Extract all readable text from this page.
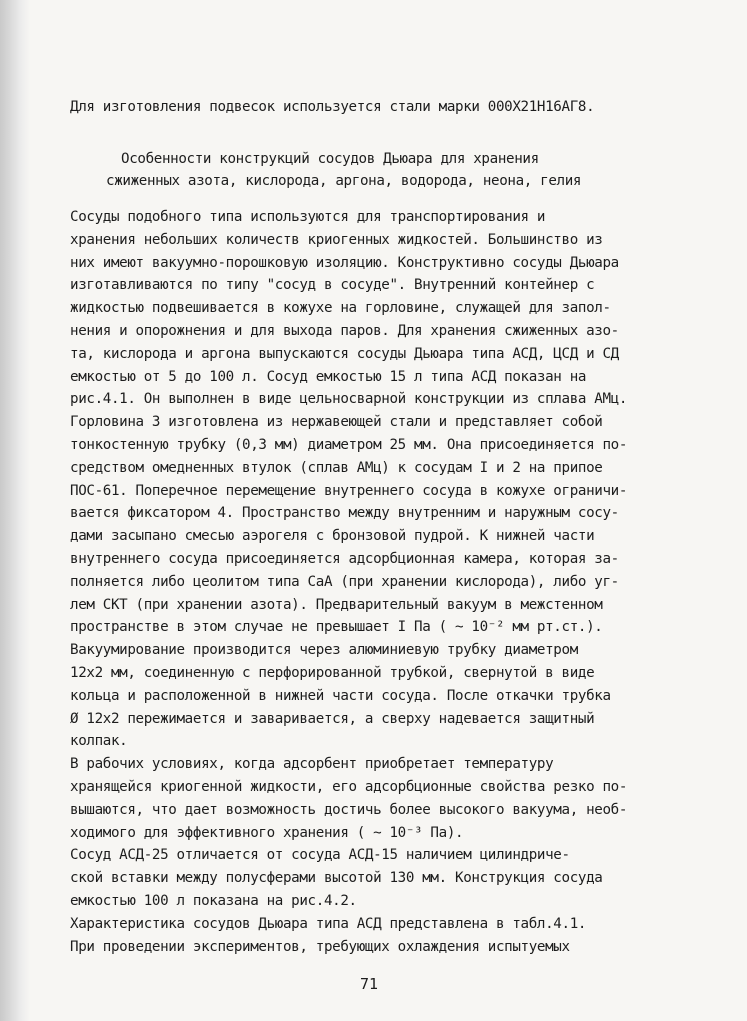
Для изготовления подвесок используется стали марки 000Х21Н16АГ8.
Особенности конструкций сосудов Дьюара для хранения
сжиженных азота, кислорода, аргона, водорода, неона, гелия
Сосуды подобного типа используются для транспортирования и
хранения небольших количеств криогенных жидкостей. Большинство из
них имеют вакуумно-порошковую изоляцию. Конструктивно сосуды Дьюара
изготавливаются по типу "сосуд в сосуде". Внутренний контейнер с
жидкостью подвешивается в кожухе на горловине, служащей для запол-
нения и опорожнения и для выхода паров. Для хранения сжиженных азо-
та, кислорода и аргона выпускаются сосуды Дьюара типа АСД, ЦСД и СД
емкостью от 5 до 100 л. Сосуд емкостью 15 л типа АСД показан на
рис.4.1. Он выполнен в виде цельносварной конструкции из сплава АМц.
Горловина 3 изготовлена из нержавеющей стали и представляет собой
тонкостенную трубку (0,3 мм) диаметром 25 мм. Она присоединяется по-
средством омедненных втулок (сплав АМц) к сосудам I и 2 на припое
ПОС-61. Поперечное перемещение внутреннего сосуда в кожухе ограничи-
вается фиксатором 4. Пространство между внутренним и наружным сосу-
дами засыпано смесью аэрогеля с бронзовой пудрой. К нижней части
внутреннего сосуда присоединяется адсорбционная камера, которая за-
полняется либо цеолитом типа СаА (при хранении кислорода), либо уг-
лем СКТ (при хранении азота). Предварительный вакуум в межстенном
пространстве в этом случае не превышает I Па ( ~ 10⁻² мм рт.ст.).
Вакуумирование производится через алюминиевую трубку диаметром
12х2 мм, соединенную с перфорированной трубкой, свернутой в виде
кольца и расположенной в нижней части сосуда. После откачки трубка
Ø 12х2 пережимается и заваривается, а сверху надевается защитный
колпак.
В рабочих условиях, когда адсорбент приобретает температуру
хранящейся криогенной жидкости, его адсорбционные свойства резко по-
вышаются, что дает возможность достичь более высокого вакуума, необ-
ходимого для эффективного хранения ( ~ 10⁻³ Па).
Сосуд АСД-25 отличается от сосуда АСД-15 наличием цилиндриче-
ской вставки между полусферами высотой 130 мм. Конструкция сосуда
емкостью 100 л показана на рис.4.2.
Характеристика сосудов Дьюара типа АСД представлена в табл.4.1.
При проведении экспериментов, требующих охлаждения испытуемых
71
